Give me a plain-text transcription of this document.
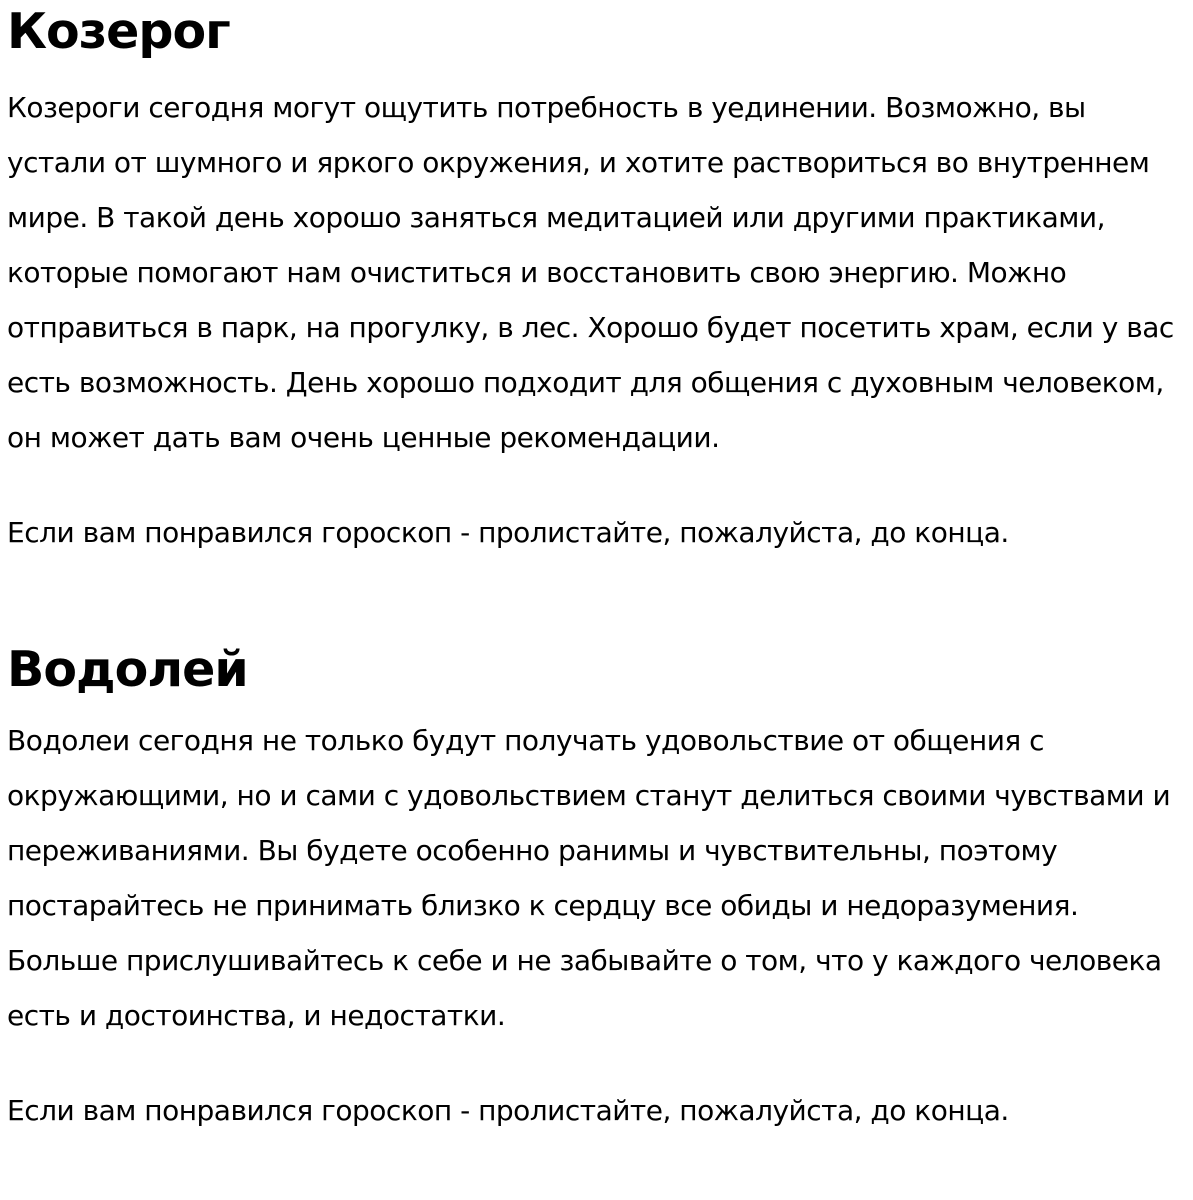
Козерог

Козероги сегодня могут ощутить потребность в уединении. Возможно, вы устали от шумного и яркого окружения, и хотите раствориться во внутреннем мире. В такой день хорошо заняться медитацией или другими практиками, которые помогают нам очиститься и восстановить свою энергию. Можно отправиться в парк, на прогулку, в лес. Хорошо будет посетить храм, если у вас есть возможность. День хорошо подходит для общения с духовным человеком, он может дать вам очень ценные рекомендации.

Если вам понравился гороскоп - пролистайте, пожалуйста, до конца.

Водолей

Водолеи сегодня не только будут получать удовольствие от общения с окружающими, но и сами с удовольствием станут делиться своими чувствами и переживаниями. Вы будете особенно ранимы и чувствительны, поэтому постарайтесь не принимать близко к сердцу все обиды и недоразумения. Больше прислушивайтесь к себе и не забывайте о том, что у каждого человека есть и достоинства, и недостатки.

Если вам понравился гороскоп - пролистайте, пожалуйста, до конца.
